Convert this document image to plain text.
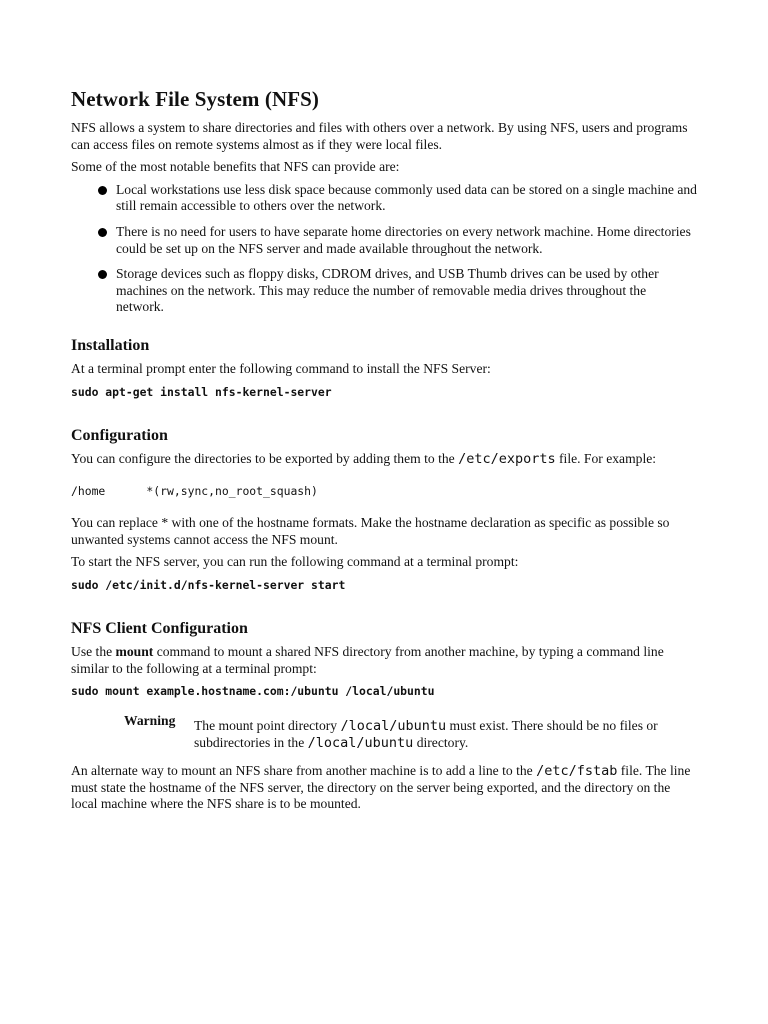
Network File System (NFS)

NFS allows a system to share directories and files with others over a network. By using NFS, users and programs can access files on remote systems almost as if they were local files.

Some of the most notable benefits that NFS can provide are:

Local workstations use less disk space because commonly used data can be stored on a single machine and still remain accessible to others over the network.
There is no need for users to have separate home directories on every network machine. Home directories could be set up on the NFS server and made available throughout the network.
Storage devices such as floppy disks, CDROM drives, and USB Thumb drives can be used by other machines on the network. This may reduce the number of removable media drives throughout the network.
Installation

At a terminal prompt enter the following command to install the NFS Server:

sudo apt-get install nfs-kernel-server
Configuration

You can configure the directories to be exported by adding them to the /etc/exports file. For example:

/home      *(rw,sync,no_root_squash)

You can replace * with one of the hostname formats. Make the hostname declaration as specific as possible so unwanted systems cannot access the NFS mount.

To start the NFS server, you can run the following command at a terminal prompt:

sudo /etc/init.d/nfs-kernel-server start
NFS Client Configuration

Use the mount command to mount a shared NFS directory from another machine, by typing a command line similar to the following at a terminal prompt:

sudo mount example.hostname.com:/ubuntu /local/ubuntu
Warning The mount point directory /local/ubuntu must exist. There should be no files or subdirectories in the /local/ubuntu directory.

An alternate way to mount an NFS share from another machine is to add a line to the /etc/fstab file. The line must state the hostname of the NFS server, the directory on the server being exported, and the directory on the local machine where the NFS share is to be mounted.
